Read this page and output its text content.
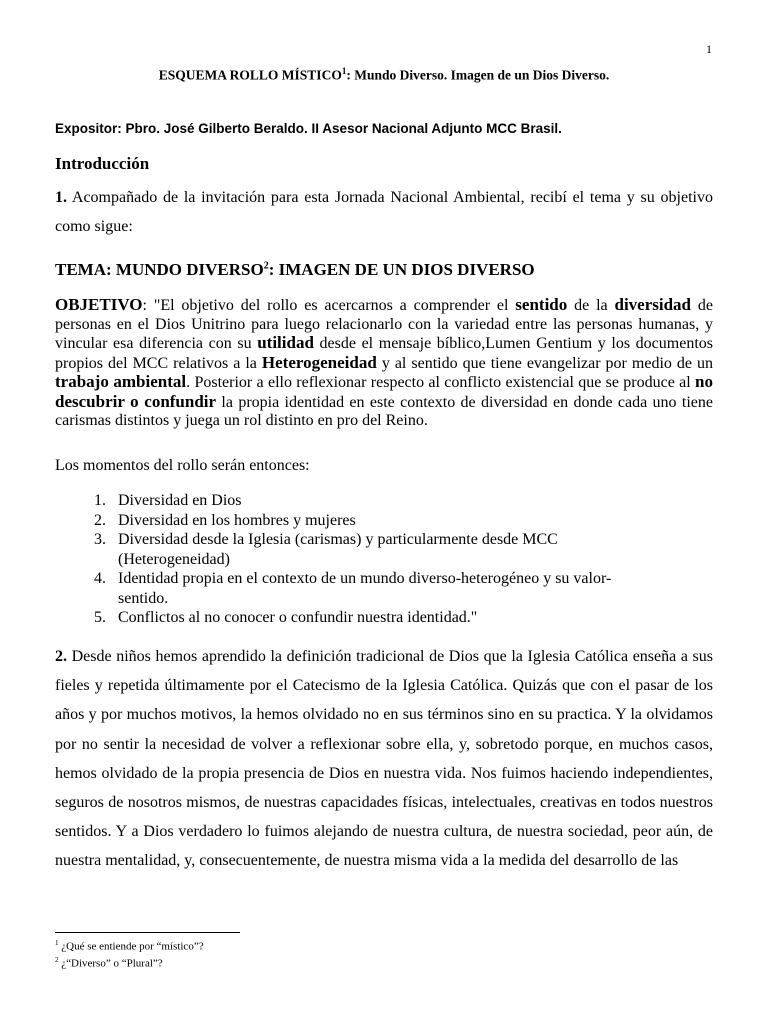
1
ESQUEMA ROLLO MÍSTICO$^1$: Mundo Diverso. Imagen de un Dios Diverso.
Expositor: Pbro. José Gilberto Beraldo. II Asesor Nacional Adjunto MCC Brasil.
Introducción
1. Acompañado de la invitación para esta Jornada Nacional Ambiental, recibí el tema y su objetivo como sigue:
TEMA: MUNDO DIVERSO$^2$: IMAGEN DE UN DIOS DIVERSO
OBJETIVO: "El objetivo del rollo es acercarnos a comprender el sentido de la diversidad de personas en el Dios Unitrino para luego relacionarlo con la variedad entre las personas humanas, y vincular esa diferencia con su utilidad desde el mensaje bíblico,Lumen Gentium y los documentos propios del MCC relativos a la Heterogeneidad y al sentido que tiene evangelizar por medio de un trabajo ambiental. Posterior a ello reflexionar respecto al conflicto existencial que se produce al no descubrir o confundir la propia identidad en este contexto de diversidad en donde cada uno tiene carismas distintos y juega un rol distinto en pro del Reino.
Los momentos del rollo serán entonces:
1. Diversidad en Dios
2. Diversidad en los hombres y mujeres
3. Diversidad desde la Iglesia (carismas) y particularmente desde MCC (Heterogeneidad)
4. Identidad propia en el contexto de un mundo diverso-heterogéneo y su valor-sentido.
5. Conflictos al no conocer o confundir nuestra identidad."
2. Desde niños hemos aprendido la definición tradicional de Dios que la Iglesia Católica enseña a sus fieles y repetida últimamente por el Catecismo de la Iglesia Católica. Quizás que con el pasar de los años y por muchos motivos, la hemos olvidado no en sus términos sino en su practica. Y la olvidamos por no sentir la necesidad de volver a reflexionar sobre ella, y, sobretodo porque, en muchos casos, hemos olvidado de la propia presencia de Dios en nuestra vida. Nos fuimos haciendo independientes, seguros de nosotros mismos, de nuestras capacidades físicas, intelectuales, creativas en todos nuestros sentidos. Y a Dios verdadero lo fuimos alejando de nuestra cultura, de nuestra sociedad, peor aún, de nuestra mentalidad, y, consecuentemente, de nuestra misma vida a la medida del desarrollo de las
$^1$ ¿Qué se entiende por “místico”?
$^2$ ¿“Diverso” o “Plural”?
